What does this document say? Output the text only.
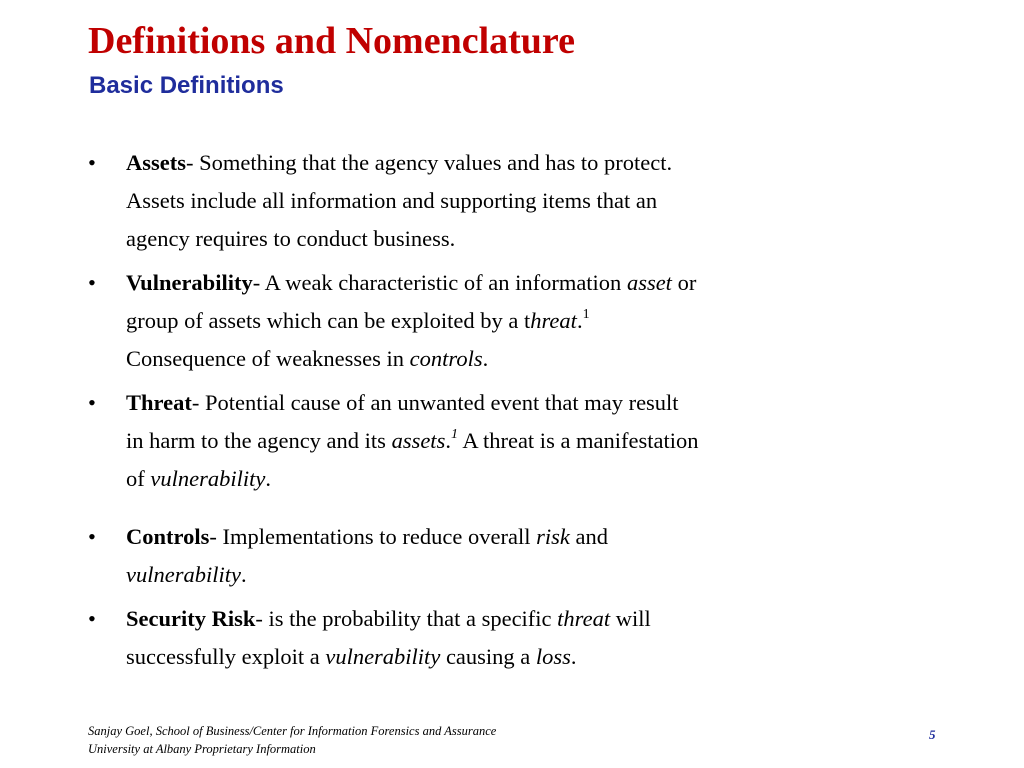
Definitions and Nomenclature
Basic Definitions
•	Assets- Something that the agency values and has to protect.
Assets include all information and supporting items that an
agency requires to conduct business.
•	Vulnerability- A weak characteristic of an information asset or
group of assets which can be exploited by a threat.$^1$
Consequence of weaknesses in controls.
•	Threat- Potential cause of an unwanted event that may result
in harm to the agency and its assets.$^1$ A threat is a manifestation
of vulnerability.
•	Controls- Implementations to reduce overall risk and
vulnerability.
•	Security Risk- is the probability that a specific threat will
successfully exploit a vulnerability causing a loss.
Sanjay Goel, School of Business/Center for Information Forensics and Assurance
University at Albany Proprietary Information
5
